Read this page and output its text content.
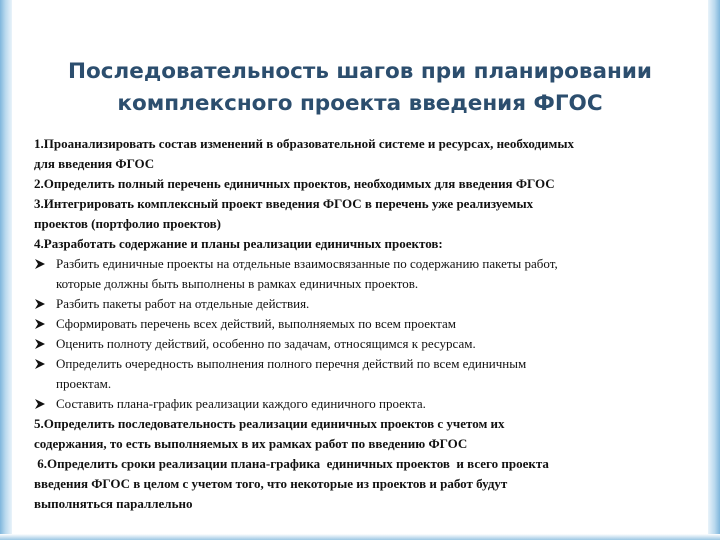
Последовательность шагов при планировании
комплексного проекта введения ФГОС

1.Проанализировать состав изменений в образовательной системе и ресурсах, необходимых
для введения ФГОС

2.Определить полный перечень единичных проектов, необходимых для введения ФГОС

3.Интегрировать комплексный проект введения ФГОС в перечень уже реализуемых
проектов (портфолио проектов)

4.Разработать содержание и планы реализации единичных проектов:

Разбить единичные проекты на отдельные взаимосвязанные по содержанию пакеты работ,
которые должны быть выполнены в рамках единичных проектов.

Разбить пакеты работ на отдельные действия.

Сформировать перечень всех действий, выполняемых по всем проектам

Оценить полноту действий, особенно по задачам, относящимся к ресурсам.

Определить очередность выполнения полного перечня действий по всем единичным
проектам.

Составить плана-график реализации каждого единичного проекта.

5.Определить последовательность реализации единичных проектов с учетом их
содержания, то есть выполняемых в их рамках работ по введению ФГОС

6.Определить сроки реализации плана-графика  единичных проектов  и всего проекта
введения ФГОС в целом с учетом того, что некоторые из проектов и работ будут
выполняться параллельно
